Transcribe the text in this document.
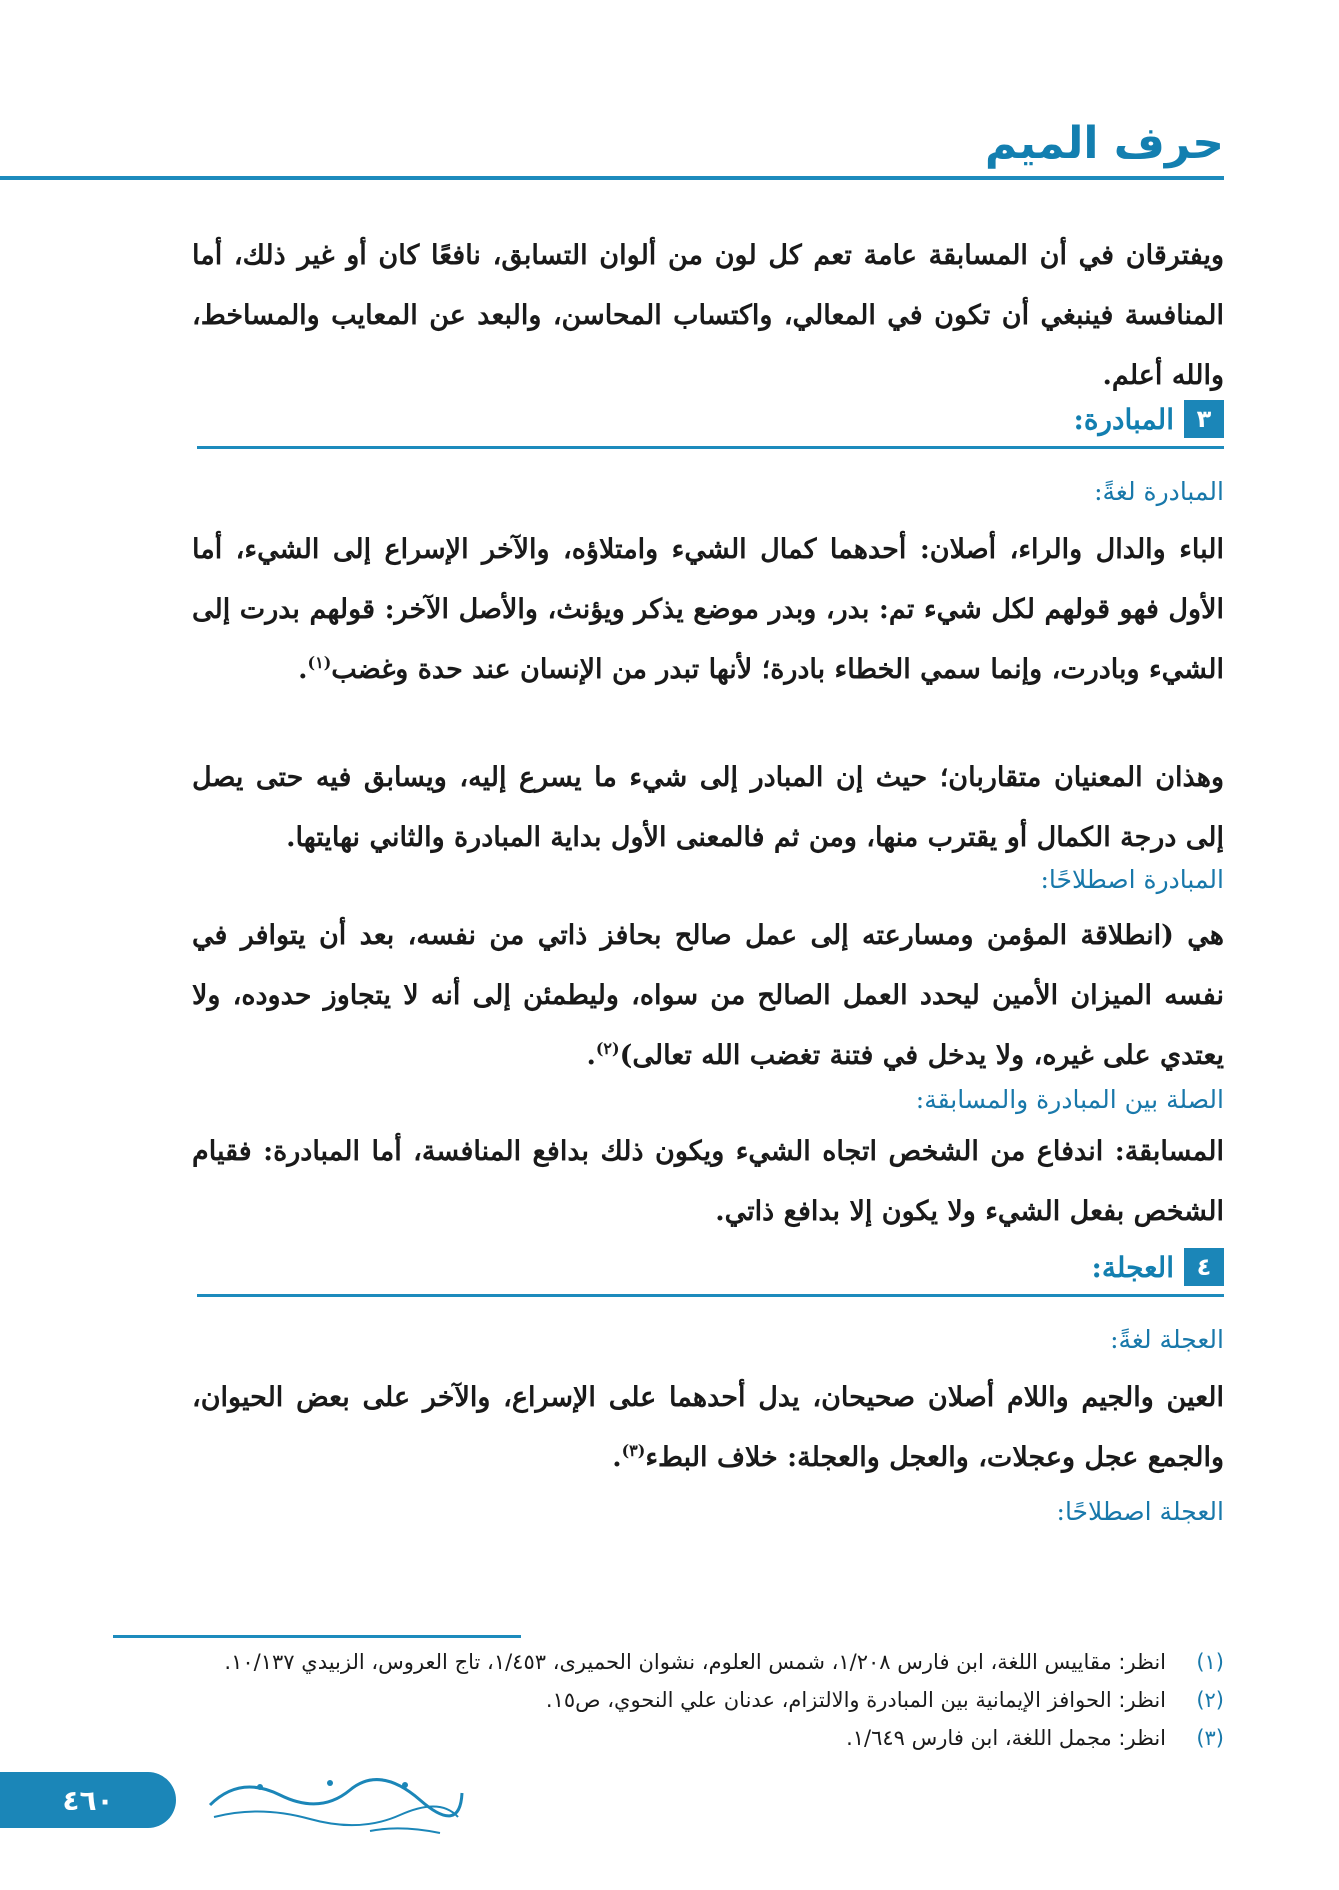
حرف الميم

ويفترقان في أن المسابقة عامة تعم كل لون من ألوان التسابق، نافعًا كان أو غير ذلك، أما المنافسة فينبغي أن تكون في المعالي، واكتساب المحاسن، والبعد عن المعايب والمساخط، والله أعلم.

٣
المبادرة:
المبادرة لغةً:

الباء والدال والراء، أصلان: أحدهما كمال الشيء وامتلاؤه، والآخر الإسراع إلى الشيء، أما الأول فهو قولهم لكل شيء تم: بدر، وبدر موضع يذكر ويؤنث، والأصل الآخر: قولهم بدرت إلى الشيء وبادرت، وإنما سمي الخطاء بادرة؛ لأنها تبدر من الإنسان عند حدة وغضب$^{(١)}$.

وهذان المعنيان متقاربان؛ حيث إن المبادر إلى شيء ما يسرع إليه، ويسابق فيه حتى يصل إلى درجة الكمال أو يقترب منها، ومن ثم فالمعنى الأول بداية المبادرة والثاني نهايتها.

المبادرة اصطلاحًا:

هي (انطلاقة المؤمن ومسارعته إلى عمل صالح بحافز ذاتي من نفسه، بعد أن يتوافر في نفسه الميزان الأمين ليحدد العمل الصالح من سواه، وليطمئن إلى أنه لا يتجاوز حدوده، ولا يعتدي على غيره، ولا يدخل في فتنة تغضب الله تعالى)$^{(٢)}$.

الصلة بين المبادرة والمسابقة:

المسابقة: اندفاع من الشخص اتجاه الشيء ويكون ذلك بدافع المنافسة، أما المبادرة: فقيام الشخص بفعل الشيء ولا يكون إلا بدافع ذاتي.

٤
العجلة:
العجلة لغةً:

العين والجيم واللام أصلان صحيحان، يدل أحدهما على الإسراع، والآخر على بعض الحيوان، والجمع عجل وعجلات، والعجل والعجلة: خلاف البطء$^{(٣)}$.

العجلة اصطلاحًا:
(١)
انظر: مقاييس اللغة، ابن فارس ١/٢٠٨، شمس العلوم، نشوان الحميرى، ١/٤٥٣، تاج العروس، الزبيدي ١٠/١٣٧.
(٢)
انظر: الحوافز الإيمانية بين المبادرة والالتزام، عدنان علي النحوي، ص١٥.
(٣)
انظر: مجمل اللغة، ابن فارس ١/٦٤٩.
٤٦٠
